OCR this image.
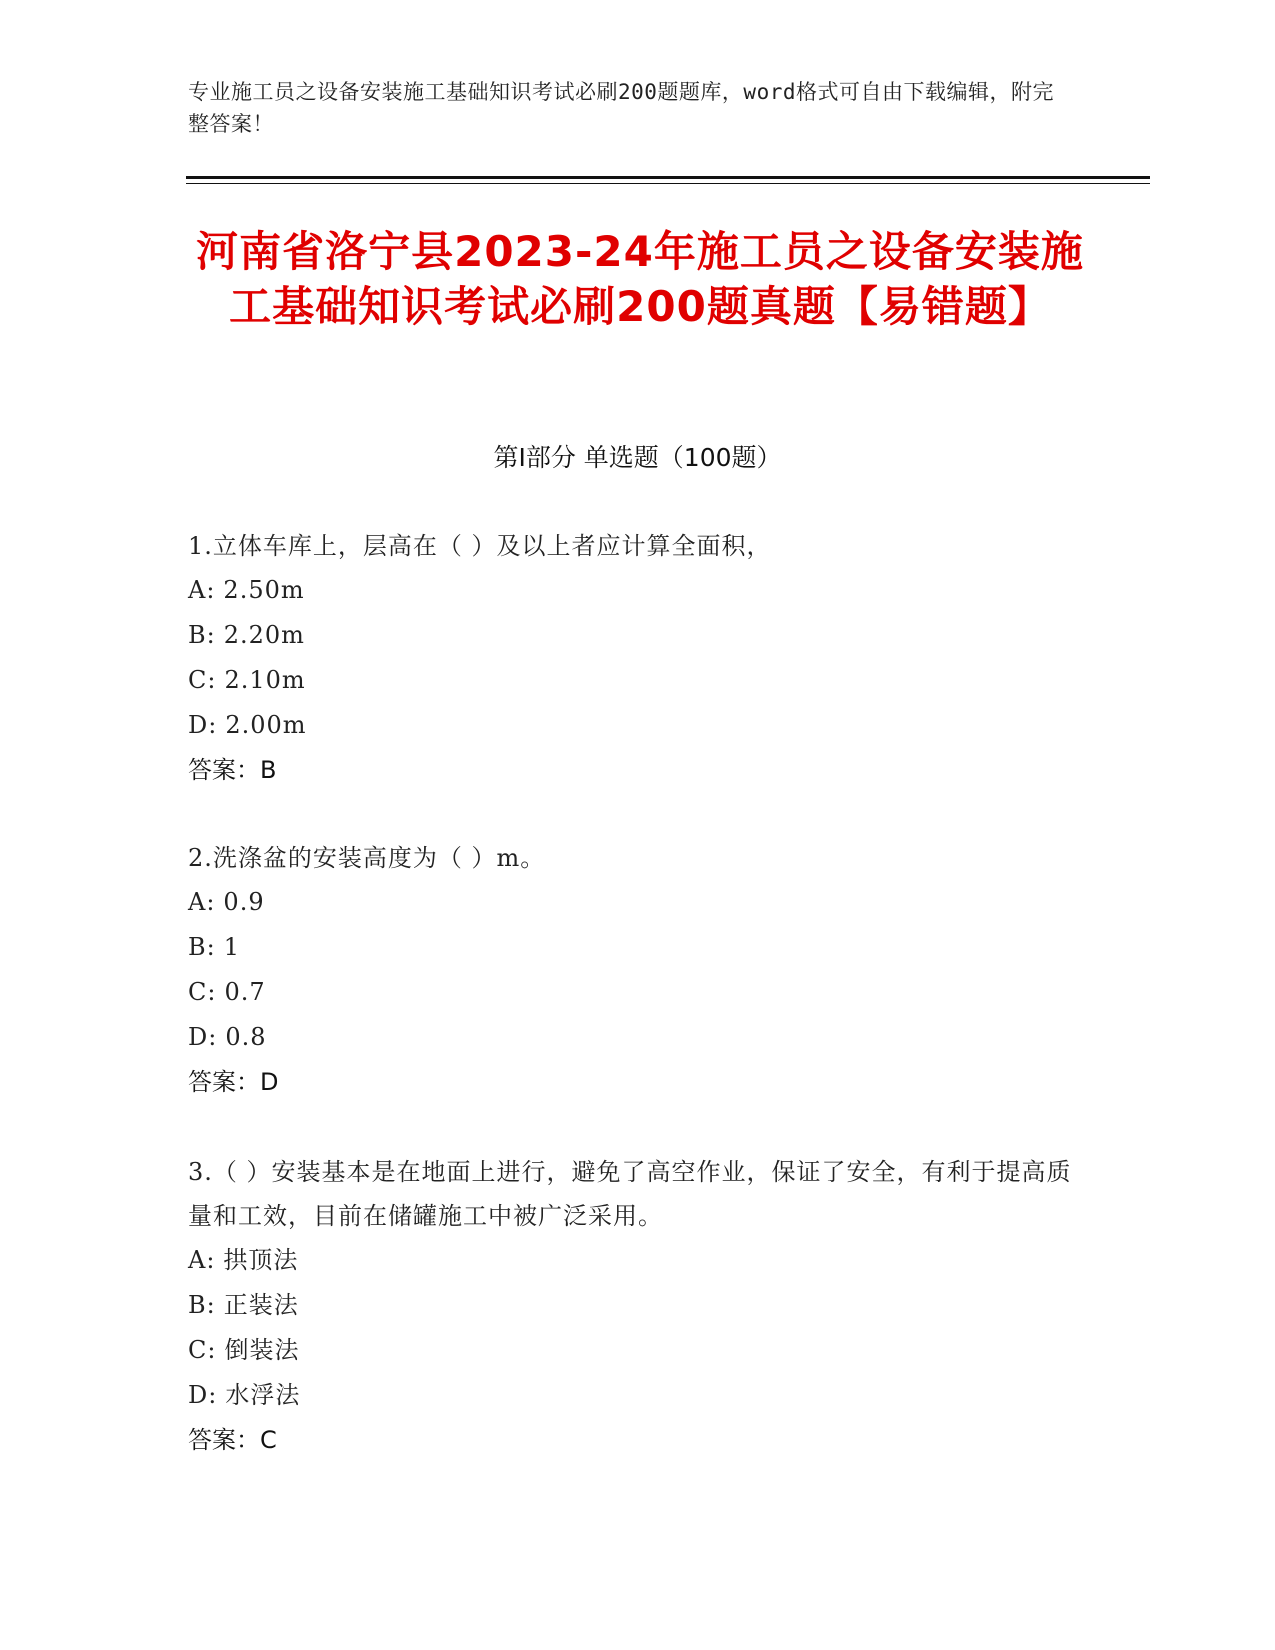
专业施工员之设备安装施工基础知识考试必刷200题题库，word格式可自由下载编辑，附完整答案！
河南省洛宁县2023-24年施工员之设备安装施工基础知识考试必刷200题真题【易错题】
第I部分 单选题（100题）
1.立体车库上，层高在（ ）及以上者应计算全面积，
A: 2.50m
B: 2.20m
C: 2.10m
D: 2.00m
答案：B
2.洗涤盆的安装高度为（ ）m。
A: 0.9
B: 1
C: 0.7
D: 0.8
答案：D
3.（ ）安装基本是在地面上进行，避免了高空作业，保证了安全，有利于提高质量和工效，目前在储罐施工中被广泛采用。
A: 拱顶法
B: 正装法
C: 倒装法
D: 水浮法
答案：C
